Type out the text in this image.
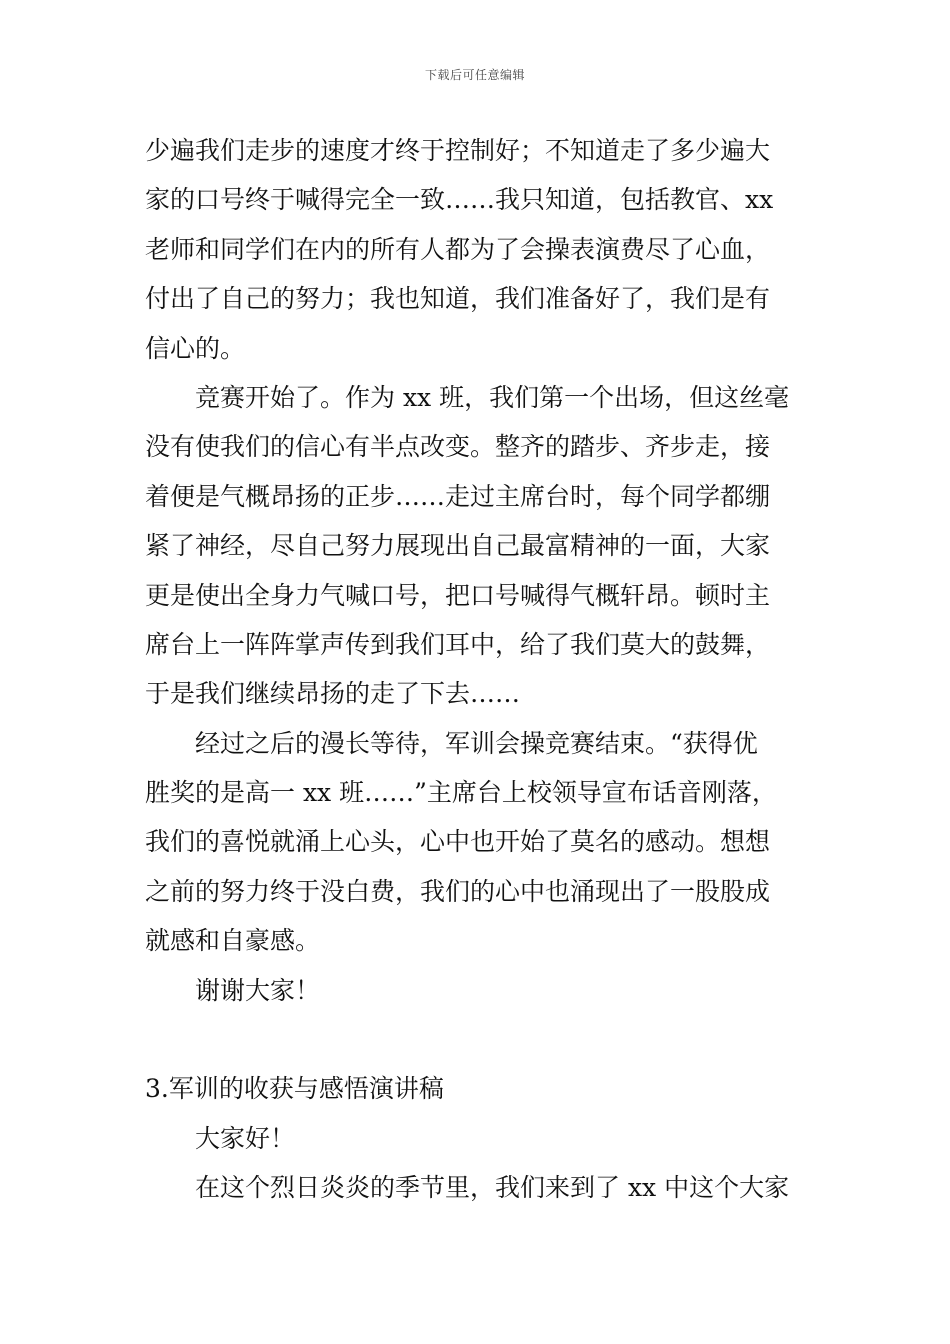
下载后可任意编辑
少遍我们走步的速度才终于控制好；不知道走了多少遍大
家的口号终于喊得完全一致……我只知道，包括教官、xx
老师和同学们在内的所有人都为了会操表演费尽了心血，
付出了自己的努力；我也知道，我们准备好了，我们是有
信心的。
竞赛开始了。作为 xx 班，我们第一个出场，但这丝毫
没有使我们的信心有半点改变。整齐的踏步、齐步走，接
着便是气概昂扬的正步……走过主席台时，每个同学都绷
紧了神经，尽自己努力展现出自己最富精神的一面，大家
更是使出全身力气喊口号，把口号喊得气概轩昂。顿时主
席台上一阵阵掌声传到我们耳中，给了我们莫大的鼓舞，
于是我们继续昂扬的走了下去……
经过之后的漫长等待，军训会操竞赛结束。“获得优
胜奖的是高一 xx 班……”主席台上校领导宣布话音刚落，
我们的喜悦就涌上心头，心中也开始了莫名的感动。想想
之前的努力终于没白费，我们的心中也涌现出了一股股成
就感和自豪感。
谢谢大家！
3.军训的收获与感悟演讲稿
大家好！
在这个烈日炎炎的季节里，我们来到了 xx 中这个大家
